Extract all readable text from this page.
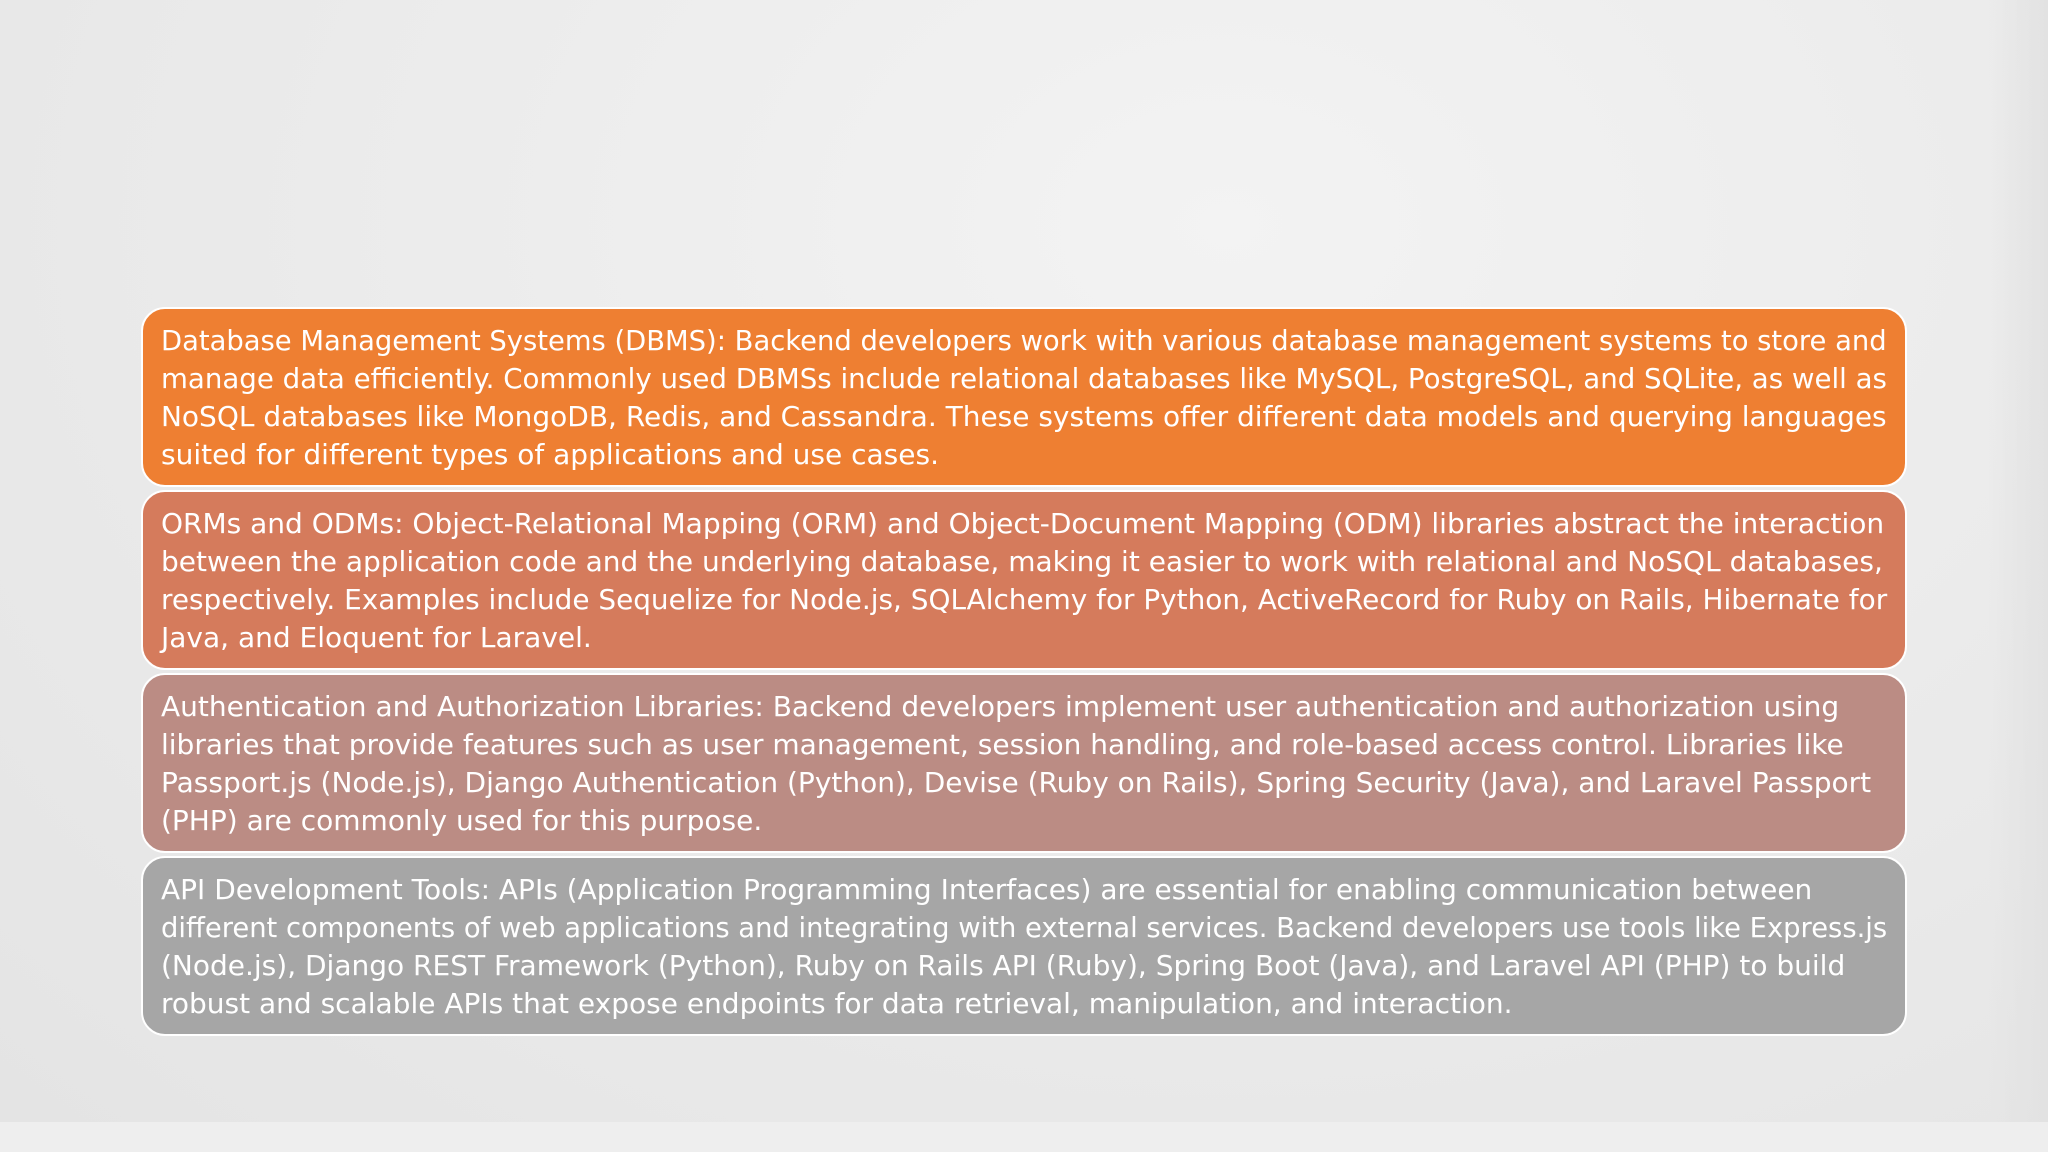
Database Management Systems (DBMS): Backend developers work with various database management systems to store and
manage data efficiently. Commonly used DBMSs include relational databases like MySQL, PostgreSQL, and SQLite, as well as
NoSQL databases like MongoDB, Redis, and Cassandra. These systems offer different data models and querying languages
suited for different types of applications and use cases.
ORMs and ODMs: Object-Relational Mapping (ORM) and Object-Document Mapping (ODM) libraries abstract the interaction
between the application code and the underlying database, making it easier to work with relational and NoSQL databases,
respectively. Examples include Sequelize for Node.js, SQLAlchemy for Python, ActiveRecord for Ruby on Rails, Hibernate for
Java, and Eloquent for Laravel.
Authentication and Authorization Libraries: Backend developers implement user authentication and authorization using
libraries that provide features such as user management, session handling, and role-based access control. Libraries like
Passport.js (Node.js), Django Authentication (Python), Devise (Ruby on Rails), Spring Security (Java), and Laravel Passport
(PHP) are commonly used for this purpose.
API Development Tools: APIs (Application Programming Interfaces) are essential for enabling communication between
different components of web applications and integrating with external services. Backend developers use tools like Express.js
(Node.js), Django REST Framework (Python), Ruby on Rails API (Ruby), Spring Boot (Java), and Laravel API (PHP) to build
robust and scalable APIs that expose endpoints for data retrieval, manipulation, and interaction.
